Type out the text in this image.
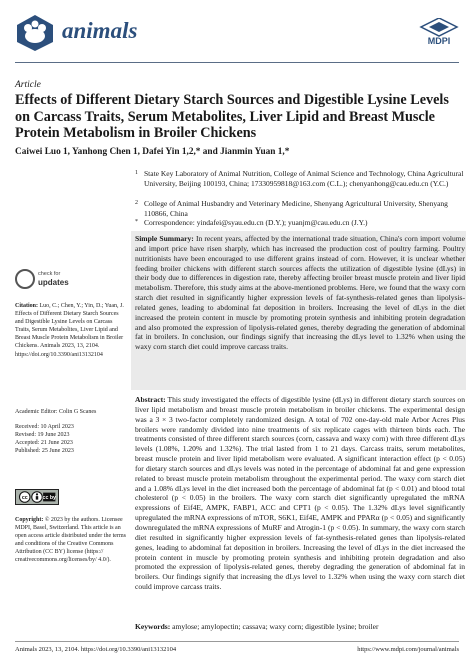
animals	MDPI
Article
Effects of Different Dietary Starch Sources and Digestible Lysine Levels on Carcass Traits, Serum Metabolites, Liver Lipid and Breast Muscle Protein Metabolism in Broiler Chickens
Caiwei Luo 1, Yanhong Chen 1, Dafei Yin 1,2,* and Jianmin Yuan 1,*
1 State Key Laboratory of Animal Nutrition, College of Animal Science and Technology, China Agricultural University, Beijing 100193, China; 17330959818@163.com (C.L.); chenyanhong@cau.edu.cn (Y.C.)
2 College of Animal Husbandry and Veterinary Medicine, Shenyang Agricultural University, Shenyang 110866, China
* Correspondence: yindafei@syau.edu.cn (D.Y.); yuanjm@cau.edu.cn (J.Y.)
Simple Summary: In recent years, affected by the international trade situation, China's corn import volume and import price have risen sharply, which has increased the production cost of poultry farming. Poultry nutritionists have been encouraged to use different grains instead of corn. However, it is unclear whether feeding broiler chickens with different starch sources affects the utilization of digestible lysine (dLys) in their body due to differences in digestion rate, thereby affecting broiler breast muscle protein and liver lipid metabolism. Therefore, this study aims at the above-mentioned problems. Here, we found that the waxy corn starch diet resulted in significantly higher expression levels of fat-synthesis-related genes than lipolysis-related genes, leading to abdominal fat deposition in broilers. Increasing the level of dLys in the diet increased the protein content in muscle by promoting protein synthesis and inhibiting protein degradation and also promoted the expression of lipolysis-related genes, thereby degrading the generation of abdominal fat in broilers. In conclusion, our findings signify that increasing the dLys level to 1.32% when using the waxy corn starch diet could improve carcass traits.
Abstract: This study investigated the effects of digestible lysine (dLys) in different dietary starch sources on liver lipid metabolism and breast muscle protein metabolism in broiler chickens. The experimental design was a 3 × 3 two-factor completely randomized design. A total of 702 one-day-old male Arbor Acres Plus broilers were randomly divided into nine treatments of six replicate cages with thirteen birds each. The treatments consisted of three different starch sources (corn, cassava and waxy corn) with three different dLys levels (1.08%, 1.20% and 1.32%). The trial lasted from 1 to 21 days. Carcass traits, serum metabolites, breast muscle protein and liver lipid metabolism were evaluated. A significant interaction effect (p < 0.05) for dietary starch sources and dLys levels was noted in the percentage of abdominal fat and gene expression related to breast muscle protein metabolism throughout the experimental period. The waxy corn starch diet and a 1.08% dLys level in the diet increased both the percentage of abdominal fat (p < 0.01) and blood total cholesterol (p < 0.05) in the broilers. The waxy corn starch diet significantly upregulated the mRNA expressions of Eif4E, AMPK, FABP1, ACC and CPT1 (p < 0.05). The 1.32% dLys level significantly upregulated the mRNA expressions of mTOR, S6K1, Eif4E, AMPK and PPARα (p < 0.05) and significantly downregulated the mRNA expressions of MuRF and Atrogin-1 (p < 0.05). In summary, the waxy corn starch diet resulted in significantly higher expression levels of fat-synthesis-related genes than lipolysis-related genes, leading to abdominal fat deposition in broilers. Increasing the level of dLys in the diet increased the protein content in muscle by promoting protein synthesis and inhibiting protein degradation and also promoted the expression of lipolysis-related genes, thereby degrading the generation of abdominal fat in broilers. Our findings signify that increasing the dLys level to 1.32% when using the waxy corn starch diet could improve carcass traits.
Keywords: amylose; amylopectin; cassava; waxy corn; digestible lysine; broiler
check for
updates
Citation: Luo, C.; Chen, Y.; Yin, D.; Yuan, J. Effects of Different Dietary Starch Sources and Digestible Lysine Levels on Carcass Traits, Serum Metabolites, Liver Lipid and Breast Muscle Protein Metabolism in Broiler Chickens. Animals 2023, 13, 2104. https://doi.org/10.3390/ani13132104
Academic Editor: Colin G Scanes
Received: 10 April 2023
Revised: 19 June 2023
Accepted: 21 June 2023
Published: 25 June 2023
cc cc by
Copyright: © 2023 by the authors. Licensee MDPI, Basel, Switzerland. This article is an open access article distributed under the terms and conditions of the Creative Commons Attribution (CC BY) license (https:// creativecommons.org/licenses/by/ 4.0/).
Animals 2023, 13, 2104. https://doi.org/10.3390/ani13132104	https://www.mdpi.com/journal/animals
